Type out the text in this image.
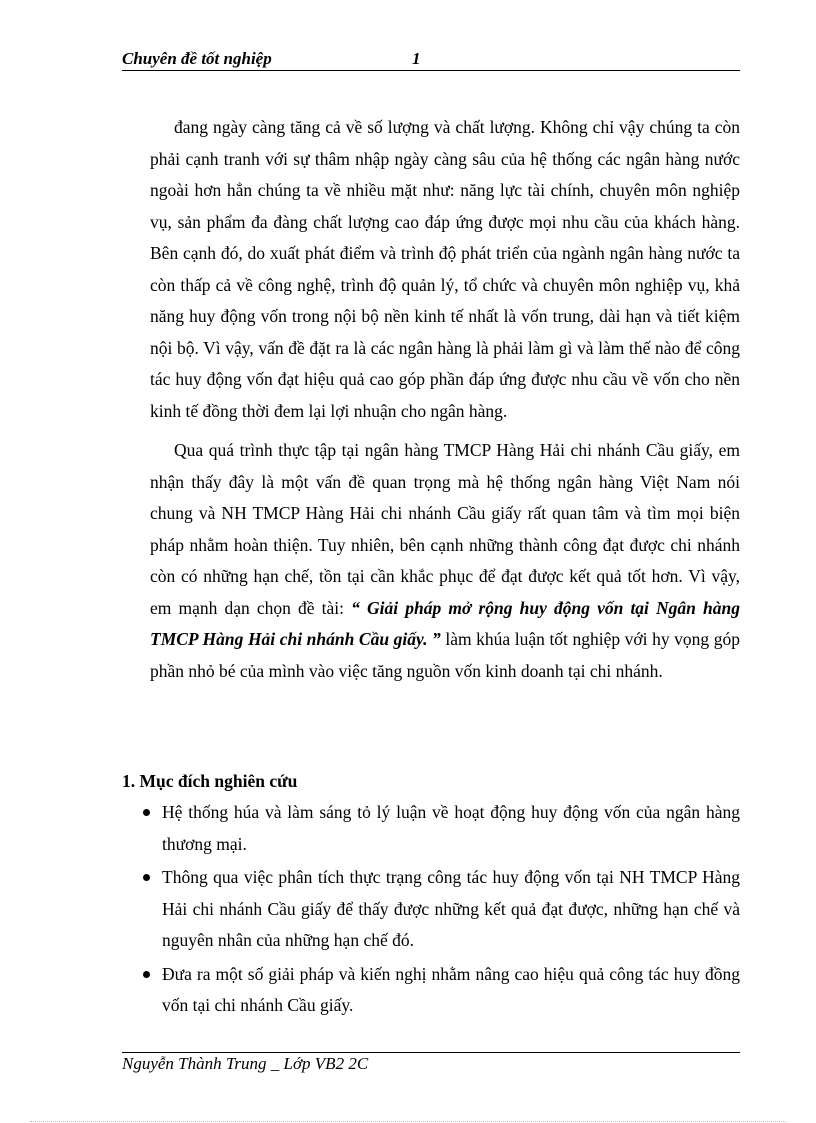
Chuyên đề tốt nghiệp	1

đang ngày càng tăng cả về số lượng và chất lượng. Không chỉ vậy chúng ta còn phải cạnh tranh với sự thâm nhập ngày càng sâu của hệ thống các ngân hàng nước ngoài hơn hẳn chúng ta về nhiều mặt như: năng lực tài chính, chuyên môn nghiệp vụ, sản phẩm đa đàng chất lượng cao đáp ứng được mọi nhu cầu của khách hàng. Bên cạnh đó, do xuất phát điểm và trình độ phát triển của ngành ngân hàng nước ta còn thấp cả về công nghệ, trình độ quản lý, tổ chức và chuyên môn nghiệp vụ, khả năng huy động vốn trong nội bộ nền kinh tế nhất là vốn trung, dài hạn và tiết kiệm nội bộ. Vì vậy, vấn đề đặt ra là các ngân hàng là phải làm gì và làm thế nào để công tác huy động vốn đạt hiệu quả cao góp phần đáp ứng được nhu cầu về vốn cho nền kinh tế đồng thời đem lại lợi nhuận cho ngân hàng.

Qua quá trình thực tập tại ngân hàng TMCP Hàng Hải chi nhánh Cầu giấy, em nhận thấy đây là một vấn đề quan trọng mà hệ thống ngân hàng Việt Nam nói chung và NH TMCP Hàng Hải chi nhánh Cầu giấy rất quan tâm và tìm mọi biện pháp nhằm hoàn thiện. Tuy nhiên, bên cạnh những thành công đạt được chi nhánh còn có những hạn chế, tồn tại cần khắc phục để đạt được kết quả tốt hơn. Vì vậy, em mạnh dạn chọn đề tài: “ Giải pháp mở rộng huy động vốn tại Ngân hàng TMCP Hàng Hải chi nhánh Cầu giấy. ” làm khúa luận tốt nghiệp với hy vọng góp phần nhỏ bé của mình vào việc tăng nguồn vốn kinh doanh tại chi nhánh.

1. Mục đích nghiên cứu
Hệ thống húa và làm sáng tỏ lý luận về hoạt động huy động vốn của ngân hàng thương mại.
Thông qua việc phân tích thực trạng công tác huy động vốn tại NH TMCP Hàng Hải chi nhánh Cầu giấy để thấy được những kết quả đạt được, những hạn chế và nguyên nhân của những hạn chế đó.
Đưa ra một số giải pháp và kiến nghị nhằm nâng cao hiệu quả công tác huy đồng vốn tại chi nhánh Cầu giấy.
Nguyễn Thành Trung _ Lớp VB2 2C
